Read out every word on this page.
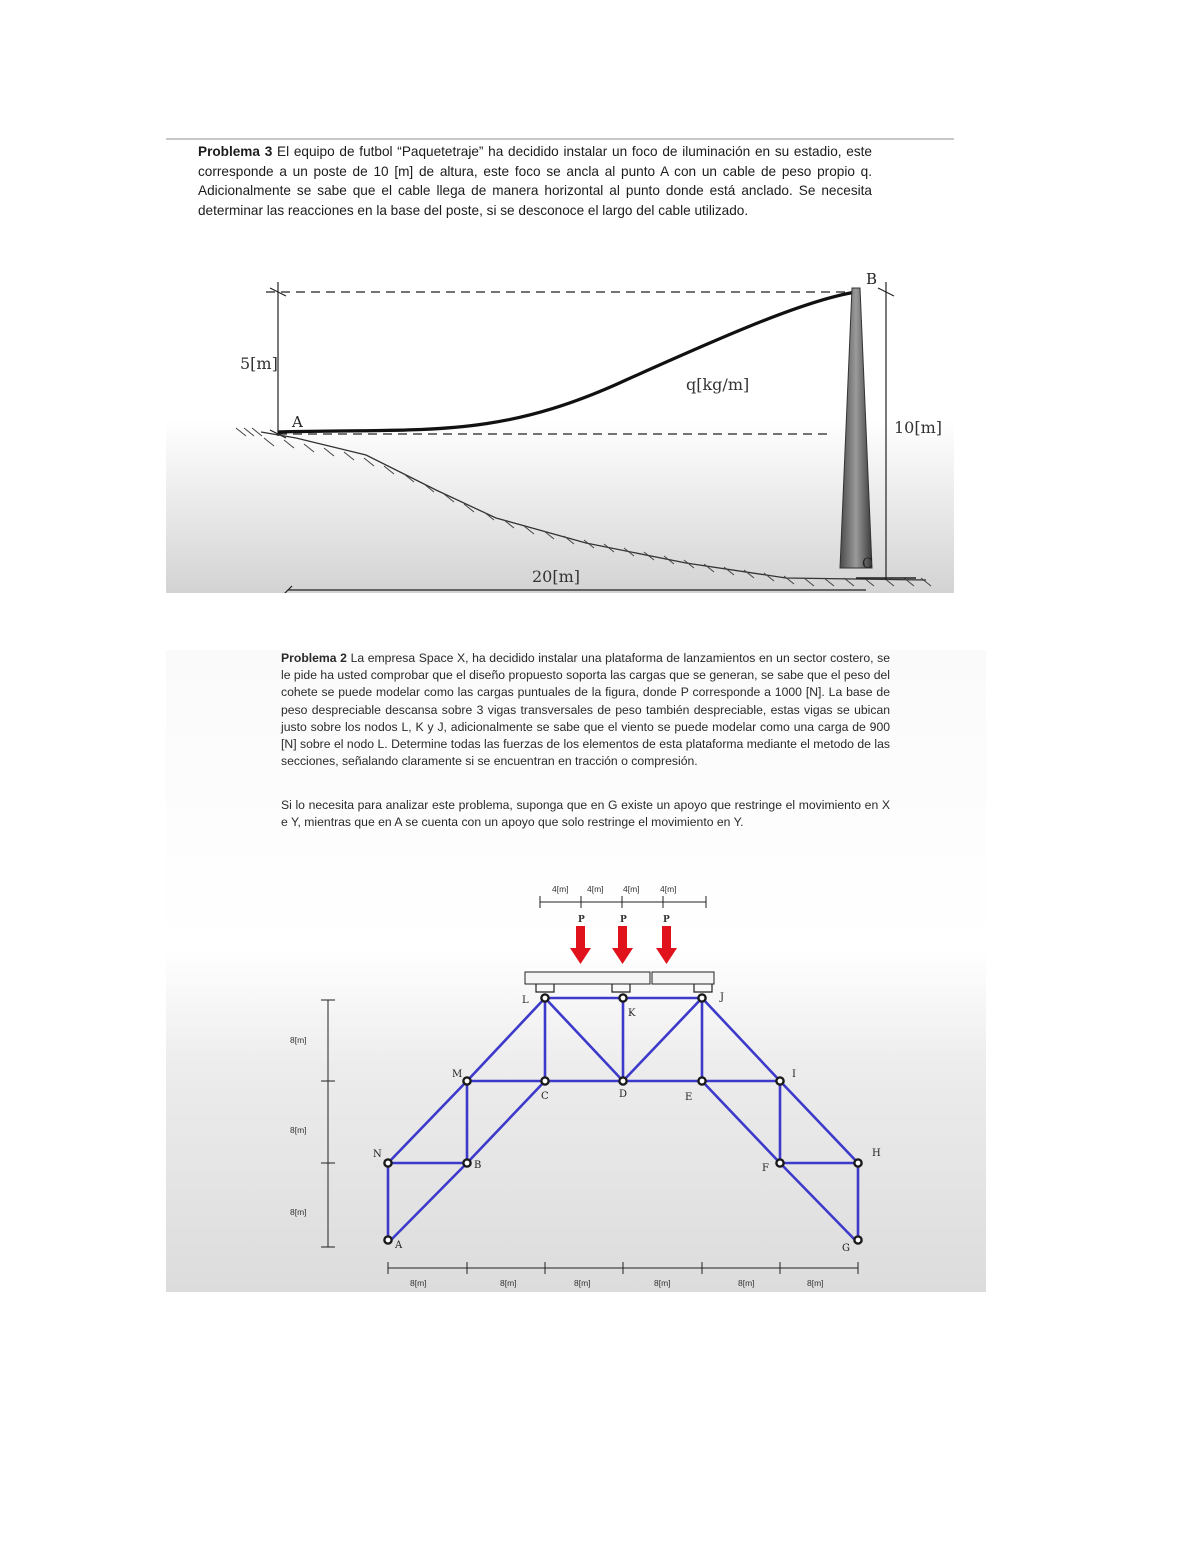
Problema 3 El equipo de futbol “Paquetetraje” ha decidido instalar un foco de iluminación en su estadio, este corresponde a un poste de 10 [m] de altura, este foco se ancla al punto A con un cable de peso propio q. Adicionalmente se sabe que el cable llega de manera horizontal al punto donde está anclado. Se necesita determinar las reacciones en la base del poste, si se desconoce el largo del cable utilizado.
5[m]
10[m]
20[m]
q[kg/m]
A
B
C
Problema 2 La empresa Space X, ha decidido instalar una plataforma de lanzamientos en un sector costero, se le pide ha usted comprobar que el diseño propuesto soporta las cargas que se generan, se sabe que el peso del cohete se puede modelar como las cargas puntuales de la figura, donde P corresponde a 1000 [N]. La base de peso despreciable descansa sobre 3 vigas transversales de peso también despreciable, estas vigas se ubican justo sobre los nodos L, K y J, adicionalmente se sabe que el viento se puede modelar como una carga de 900 [N] sobre el nodo L. Determine todas las fuerzas de los elementos de esta plataforma mediante el metodo de las secciones, señalando claramente si se encuentran en tracción o compresión.
Si lo necesita para analizar este problema, suponga que en G existe un apoyo que restringe el movimiento en X e Y, mientras que en A se cuenta con un apoyo que solo restringe el movimiento en Y.
4[m] 4[m] 4[m] 4[m]
P	P	P
8[m]
8[m]
8[m]
8[m]	8[m]	8[m]	8[m]	8[m]	8[m]
A
N
B
M
C
L
K
D
J
E
I
F
H
G
